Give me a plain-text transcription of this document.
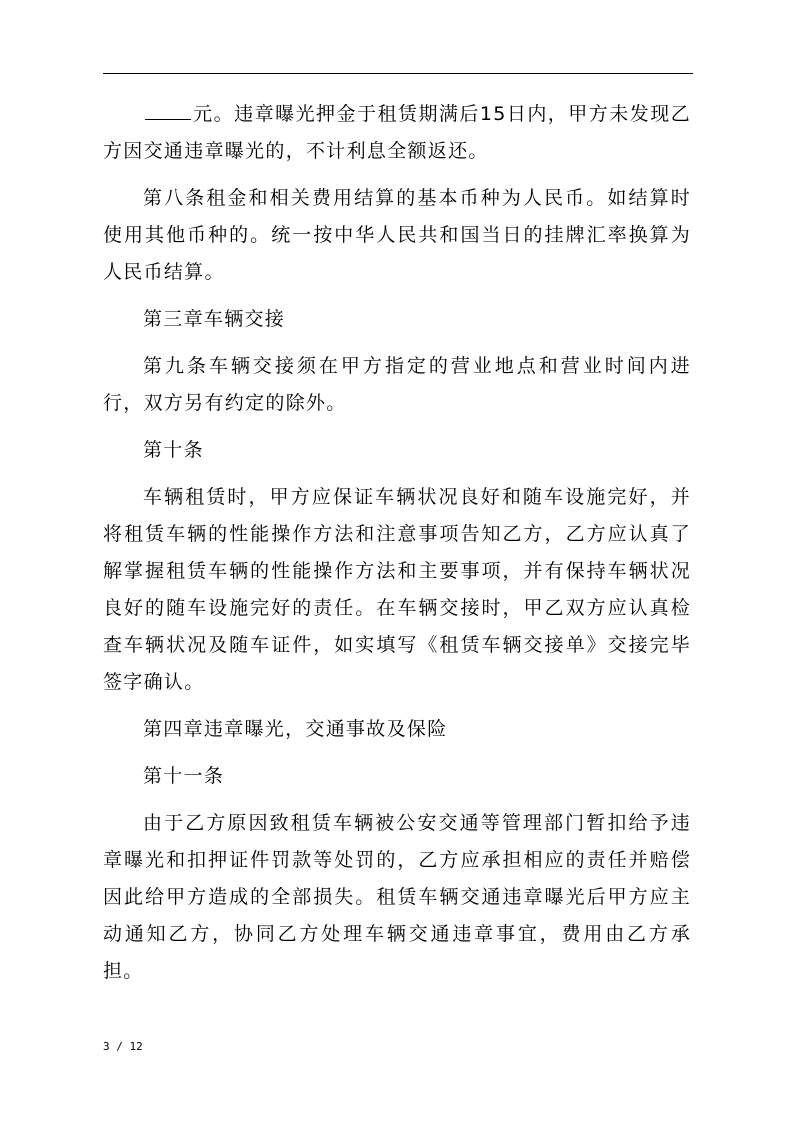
元。违章曝光押金于租赁期满后15日内，甲方未发现乙方因交通违章曝光的，不计利息全额返还。

第八条租金和相关费用结算的基本币种为人民币。如结算时使用其他币种的。统一按中华人民共和国当日的挂牌汇率换算为人民币结算。

第三章车辆交接

第九条车辆交接须在甲方指定的营业地点和营业时间内进行，双方另有约定的除外。

第十条

车辆租赁时，甲方应保证车辆状况良好和随车设施完好，并将租赁车辆的性能操作方法和注意事项告知乙方，乙方应认真了解掌握租赁车辆的性能操作方法和主要事项，并有保持车辆状况良好的随车设施完好的责任。在车辆交接时，甲乙双方应认真检查车辆状况及随车证件，如实填写《租赁车辆交接单》交接完毕签字确认。

第四章违章曝光，交通事故及保险

第十一条

由于乙方原因致租赁车辆被公安交通等管理部门暂扣给予违章曝光和扣押证件罚款等处罚的，乙方应承担相应的责任并赔偿因此给甲方造成的全部损失。租赁车辆交通违章曝光后甲方应主动通知乙方，协同乙方处理车辆交通违章事宜，费用由乙方承担。

3 / 12
